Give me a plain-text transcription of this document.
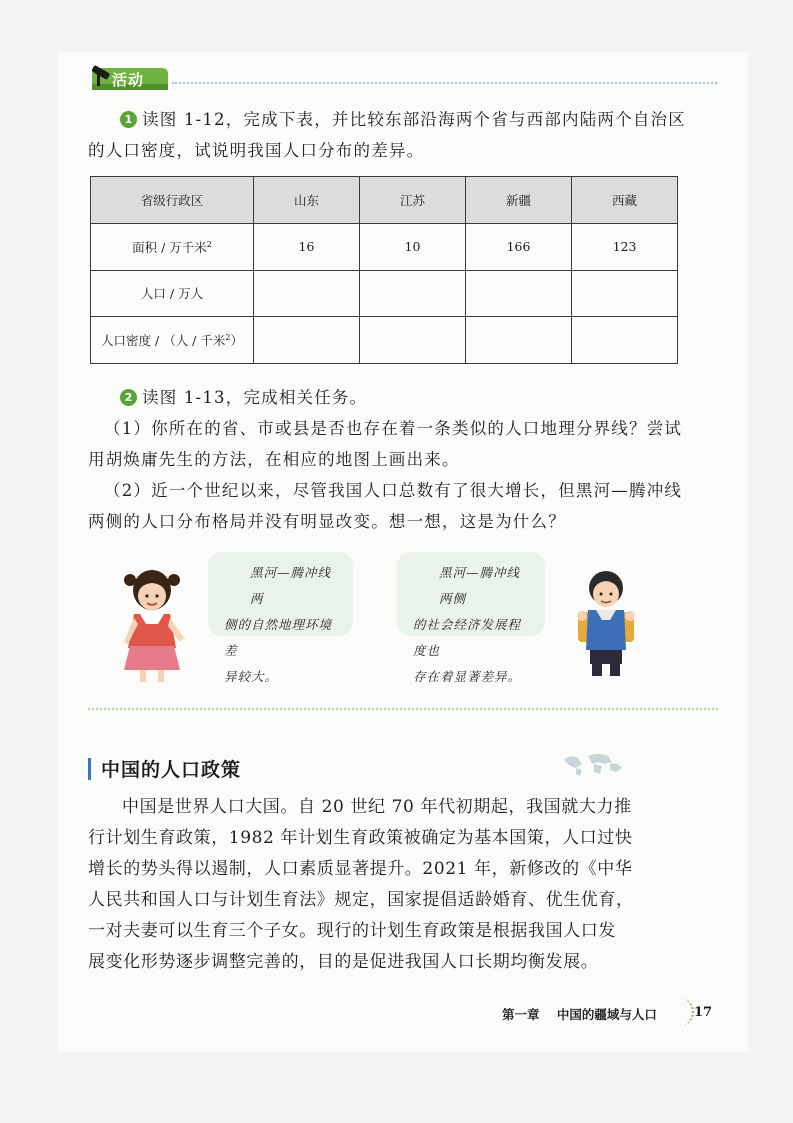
活动
1 读图 1-12，完成下表，并比较东部沿海两个省与西部内陆两个自治区
的人口密度，试说明我国人口分布的差异。
省级行政区	山东	江苏	新疆	西藏
面积 / 万千米$^2$	16	10	166	123
人口 / 万人				
人口密度 / （人 / 千米$^2$）				
2 读图 1-13，完成相关任务。
（1）你所在的省、市或县是否也存在着一条类似的人口地理分界线？尝试
用胡焕庸先生的方法，在相应的地图上画出来。
（2）近一个世纪以来，尽管我国人口总数有了很大增长，但黑河—腾冲线
两侧的人口分布格局并没有明显改变。想一想，这是为什么？
黑河—腾冲线两
侧的自然地理环境差
异较大。
黑河—腾冲线两侧
的社会经济发展程度也
存在着显著差异。
中国的人口政策
中国是世界人口大国。自 20 世纪 70 年代初期起，我国就大力推
行计划生育政策，1982 年计划生育政策被确定为基本国策，人口过快
增长的势头得以遏制，人口素质显著提升。2021 年，新修改的《中华
人民共和国人口与计划生育法》规定，国家提倡适龄婚育、优生优育，
一对夫妻可以生育三个子女。现行的计划生育政策是根据我国人口发
展变化形势逐步调整完善的，目的是促进我国人口长期均衡发展。
第一章    中国的疆域与人口	17
